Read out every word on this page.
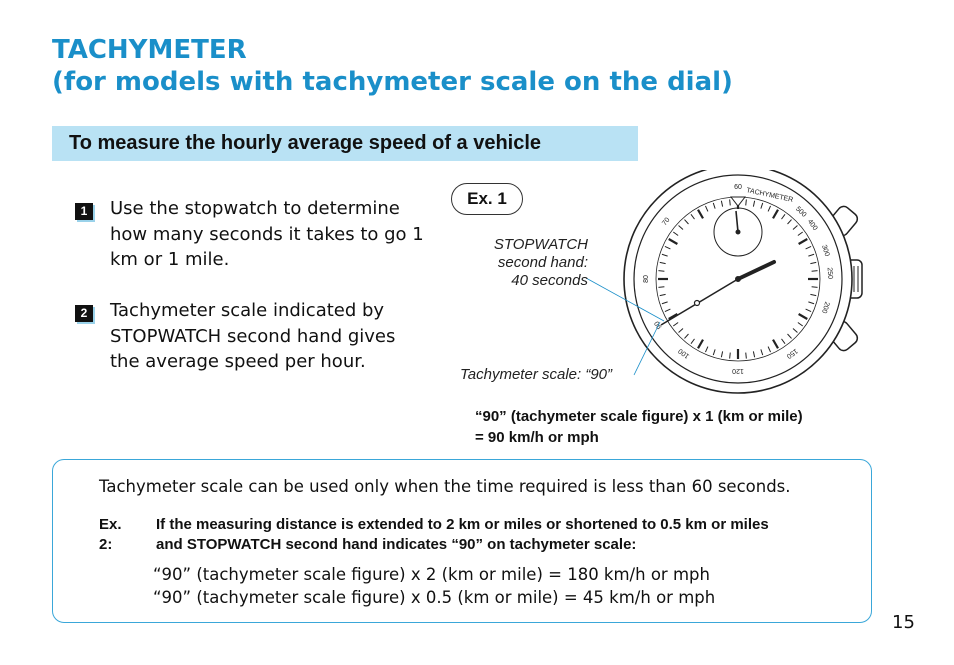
TACHYMETER
(for models with tachymeter scale on the dial)
To measure the hourly average speed of a vehicle
1	Use the stopwatch to determine how many seconds it takes to go 1 km or 1 mile.
2	Tachymeter scale indicated by STOPWATCH second hand gives the average speed per hour.
60
70
80
90
100
120
150
200
250
300
400
500
TACHYMETER
Ex. 1
STOPWATCH
second hand:
40 seconds
Tachymeter scale: “90”
“90” (tachymeter scale figure) x 1 (km or mile)
= 90 km/h or mph
Tachymeter scale can be used only when the time required is less than 60 seconds.
Ex. 2:
If the measuring distance is extended to 2 km or miles or shortened to 0.5 km or miles
and STOPWATCH second hand indicates “90” on tachymeter scale:
“90” (tachymeter scale figure) x 2 (km or mile) = 180 km/h or mph
“90” (tachymeter scale figure) x 0.5 (km or mile) = 45 km/h or mph
15
